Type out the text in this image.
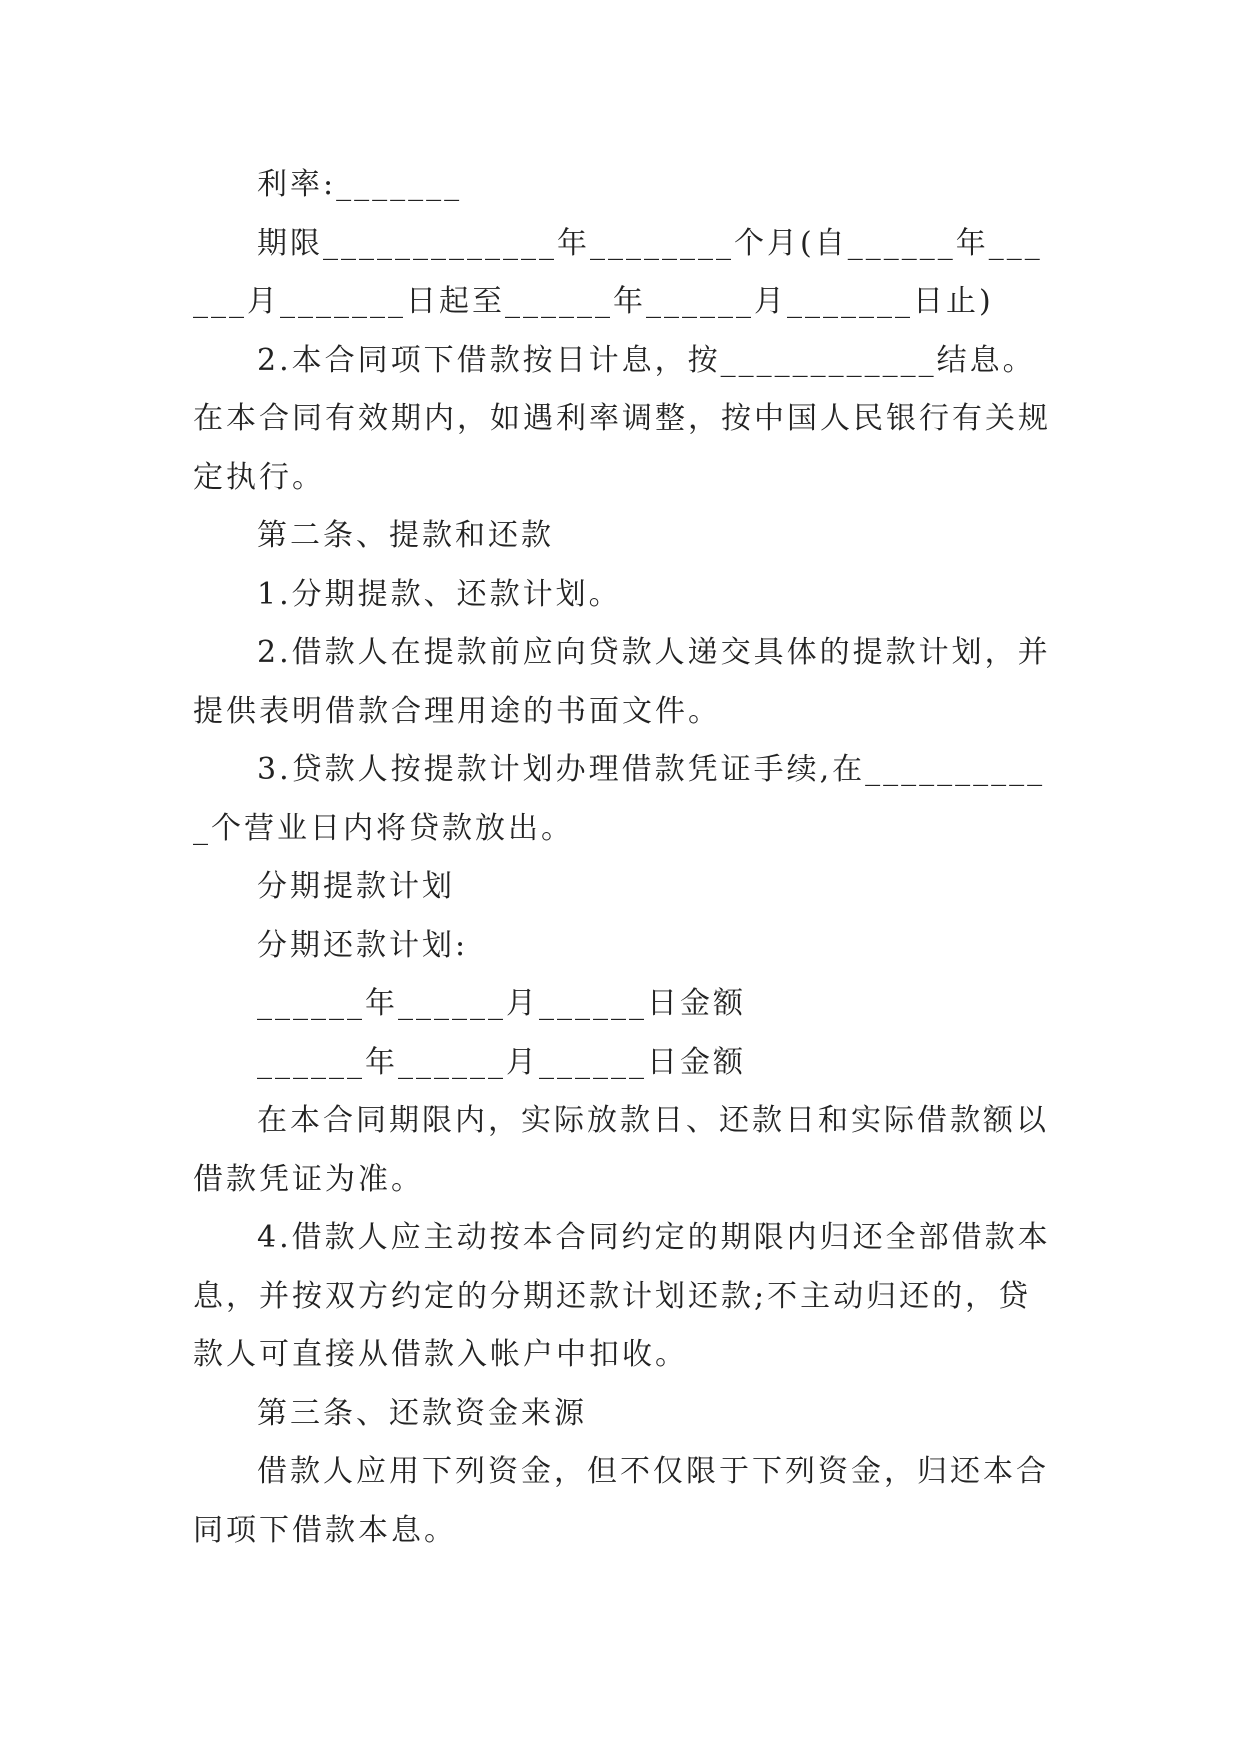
利率:_______

期限_____________年________个月(自______年______月_______日起至______年______月_______日止)

2.本合同项下借款按日计息，按____________结息。在本合同有效期内，如遇利率调整，按中国人民银行有关规定执行。

第二条、提款和还款

1.分期提款、还款计划。

2.借款人在提款前应向贷款人递交具体的提款计划，并提供表明借款合理用途的书面文件。

3.贷款人按提款计划办理借款凭证手续,在___________个营业日内将贷款放出。

分期提款计划

分期还款计划:

______年______月______日金额

______年______月______日金额

在本合同期限内，实际放款日、还款日和实际借款额以借款凭证为准。

4.借款人应主动按本合同约定的期限内归还全部借款本息，并按双方约定的分期还款计划还款;不主动归还的，贷款人可直接从借款入帐户中扣收。

第三条、还款资金来源

借款人应用下列资金，但不仅限于下列资金，归还本合同项下借款本息。
